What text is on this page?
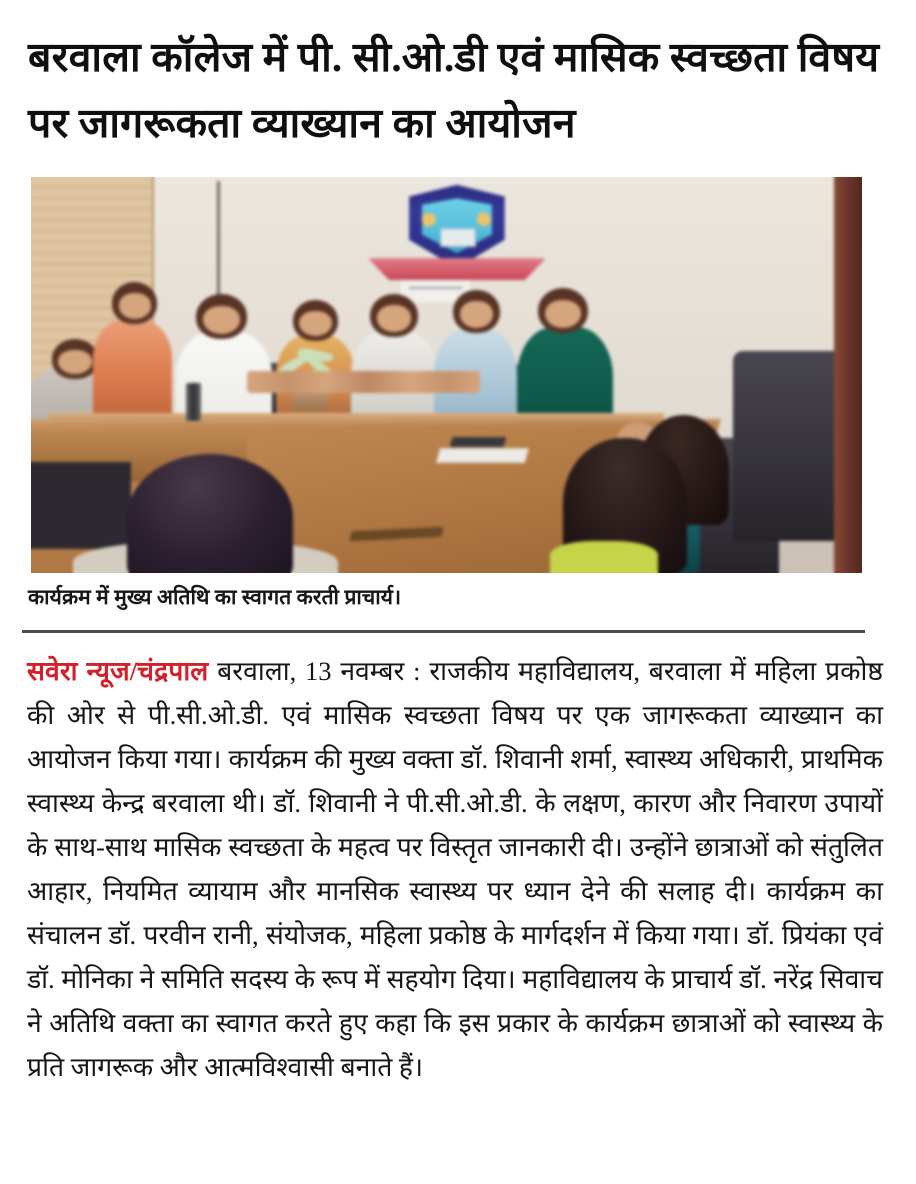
बरवाला कॉलेज में पी. सी.ओ.डी एवं मासिक स्वच्छता विषय पर जागरूकता व्याख्यान का आयोजन
कार्यक्रम में मुख्य अतिथि का स्वागत करती प्राचार्य।
सवेरा न्यूज/चंद्रपाल बरवाला, 13 नवम्बर : राजकीय महाविद्यालय, बरवाला में महिला प्रकोष्ठ की ओर से पी.सी.ओ.डी. एवं मासिक स्वच्छता विषय पर एक जागरूकता व्याख्यान का आयोजन किया गया। कार्यक्रम की मुख्य वक्ता डॉ. शिवानी शर्मा, स्वास्थ्य अधिकारी, प्राथमिक स्वास्थ्य केन्द्र बरवाला थी। डॉ. शिवानी ने पी.सी.ओ.डी. के लक्षण, कारण और निवारण उपायों के साथ-साथ मासिक स्वच्छता के महत्व पर विस्तृत जानकारी दी। उन्होंने छात्राओं को संतुलित आहार, नियमित व्यायाम और मानसिक स्वास्थ्य पर ध्यान देने की सलाह दी। कार्यक्रम का संचालन डॉ. परवीन रानी, संयोजक, महिला प्रकोष्ठ के मार्गदर्शन में किया गया। डॉ. प्रियंका एवं डॉ. मोनिका ने समिति सदस्य के रूप में सहयोग दिया। महाविद्यालय के प्राचार्य डॉ. नरेंद्र सिवाच ने अतिथि वक्ता का स्वागत करते हुए कहा कि इस प्रकार के कार्यक्रम छात्राओं को स्वास्थ्य के प्रति जागरूक और आत्मविश्वासी बनाते हैं।
